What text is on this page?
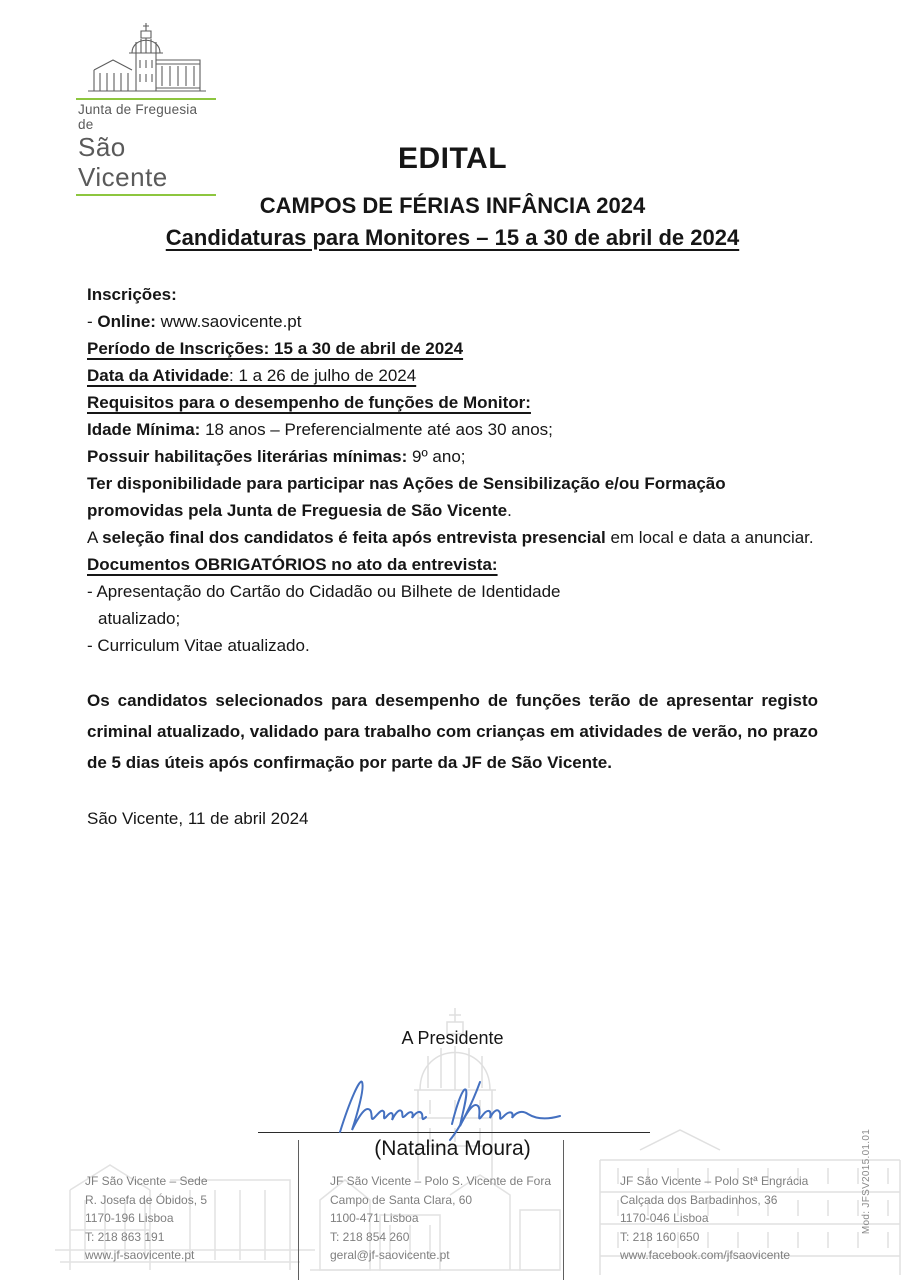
Junta de Freguesia de
São Vicente
EDITAL
CAMPOS DE FÉRIAS INFÂNCIA 2024
Candidaturas para Monitores – 15 a 30 de abril de 2024

Inscrições:

- Online: www.saovicente.pt

Período de Inscrições: 15 a 30 de abril de 2024

Data da Atividade: 1 a 26 de julho de 2024

Requisitos para o desempenho de funções de Monitor:

Idade Mínima: 18 anos – Preferencialmente até aos 30 anos;

Possuir habilitações literárias mínimas: 9º ano;

Ter disponibilidade para participar nas Ações de Sensibilização e/ou Formação promovidas pela Junta de Freguesia de São Vicente.

A seleção final dos candidatos é feita após entrevista presencial em local e data a anunciar.

Documentos OBRIGATÓRIOS no ato da entrevista:

- Apresentação do Cartão do Cidadão ou Bilhete de Identidade

atualizado;

- Curriculum Vitae atualizado.

Os candidatos selecionados para desempenho de funções terão de apresentar registo criminal atualizado, validado para trabalho com crianças em atividades de verão, no prazo de 5 dias úteis após confirmação por parte da JF de São Vicente.

São Vicente, 11 de abril 2024

A Presidente
(Natalina Moura)
JF São Vicente – Sede
R. Josefa de Óbidos, 5
1170-196 Lisboa
T: 218 863 191
www.jf-saovicente.pt
JF São Vicente – Polo S. Vicente de Fora
Campo de Santa Clara, 60
1100-471 Lisboa
T: 218 854 260
geral@jf-saovicente.pt
JF São Vicente – Polo Stª Engrácia
Calçada dos Barbadinhos, 36
1170-046 Lisboa
T: 218 160 650
www.facebook.com/jfsaovicente
Mod: JFSV2015.01.01
